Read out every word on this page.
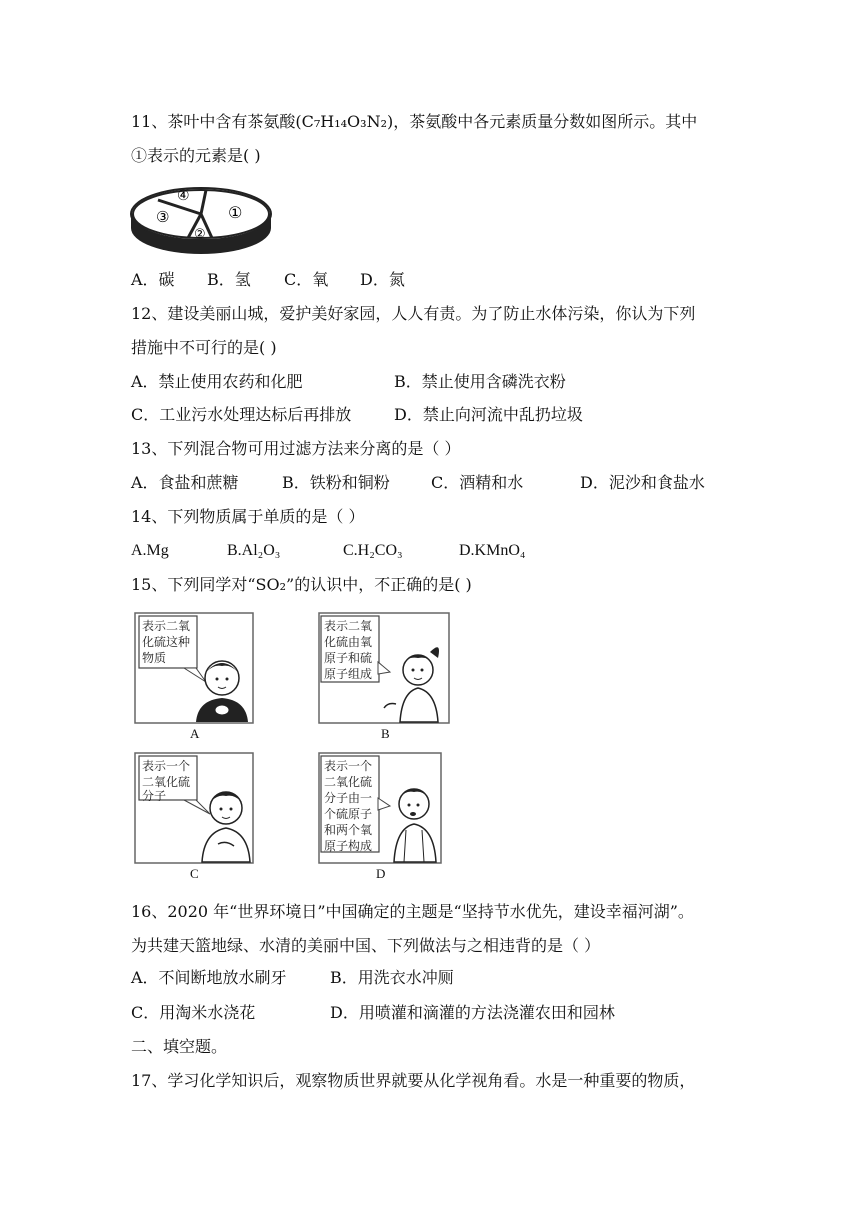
11、茶叶中含有茶氨酸(C₇H₁₄O₃N₂)，茶氨酸中各元素质量分数如图所示。其中
①表示的元素是( )
①
②
③
④
A．碳 B．氢 C．氧 D．氮
12、建设美丽山城，爱护美好家园，人人有责。为了防止水体污染，你认为下列
措施中不可行的是( )
A．禁止使用农药和化肥	B．禁止使用含磷洗衣粉
C．工业污水处理达标后再排放	D．禁止向河流中乱扔垃圾
13、下列混合物可用过滤方法来分离的是（ ）
A．食盐和蔗糖	B．铁粉和铜粉	C．酒精和水	D．泥沙和食盐水
14、下列物质属于单质的是（ ）
A.Mg	B.Al₂O₃	C.H₂CO₃	D.KMnO₄
15、下列同学对“SO₂”的认识中，不正确的是( )
表示二氧
化硫这种
物质
A
表示二氧
化硫由氧
原子和硫
原子组成
B
表示一个
二氧化硫
分子
C
表示一个
二氧化硫
分子由一
个硫原子
和两个氧
原子构成
D
16、2020 年“世界环境日”中国确定的主题是“坚持节水优先，建设幸福河湖”。
为共建天篮地绿、水清的美丽中国、下列做法与之相违背的是（ ）
A．不间断地放水刷牙	B．用洗衣水冲厕
C．用淘米水浇花	D．用喷灌和滴灌的方法浇灌农田和园林
二、填空题。
17、学习化学知识后，观察物质世界就要从化学视角看。水是一种重要的物质，
